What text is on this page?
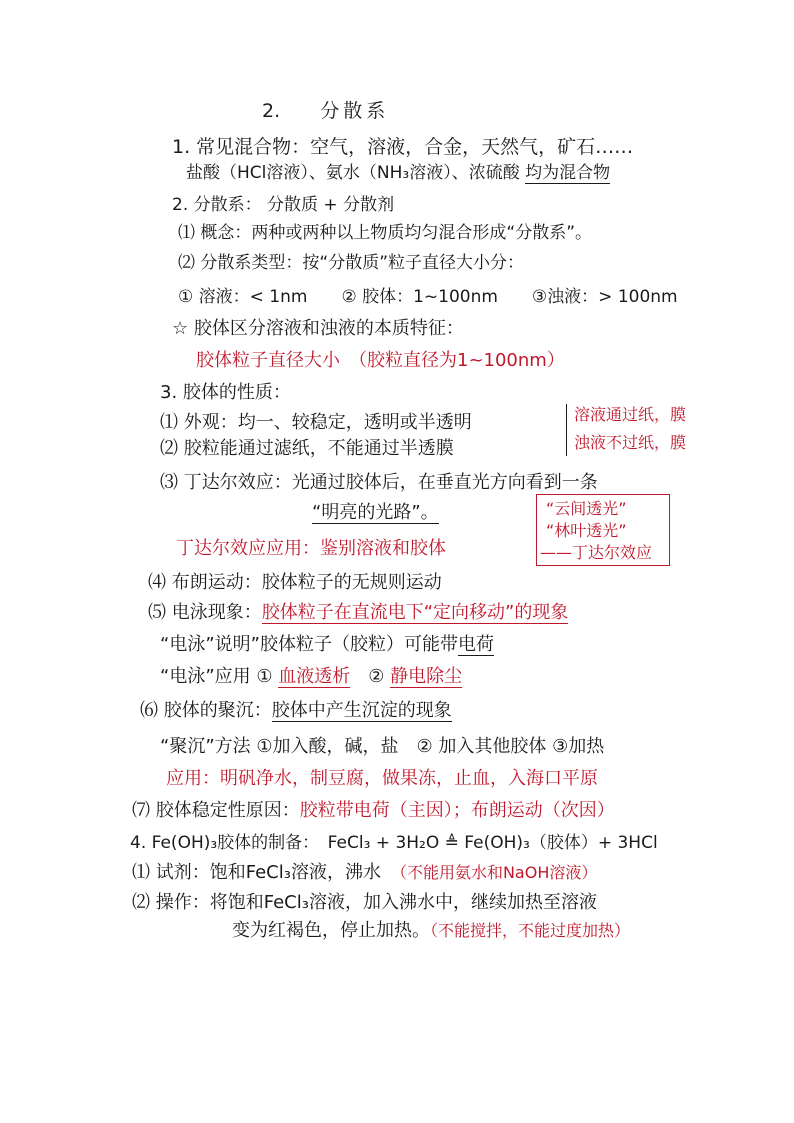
2. 分散系
1. 常见混合物：空气，溶液，合金，天然气，矿石……
盐酸（HCl溶液）、氨水（NH₃溶液）、浓硫酸 均为混合物
2. 分散系： 分散质 + 分散剂
⑴ 概念：两种或两种以上物质均匀混合形成“分散系”。
⑵ 分散系类型：按“分散质”粒子直径大小分：
① 溶液：< 1nm　　② 胶体：1~100nm　　③浊液：> 100nm
☆ 胶体区分溶液和浊液的本质特征：
胶体粒子直径大小　（胶粒直径为1~100nm）
3. 胶体的性质：
⑴ 外观：均一、较稳定，透明或半透明
⑵ 胶粒能通过滤纸，不能通过半透膜
溶液通过纸，膜
浊液不过纸，膜
⑶ 丁达尔效应：光通过胶体后，在垂直光方向看到一条
“明亮的光路”。	“云间透光”
“林叶透光”
——丁达尔效应
丁达尔效应应用：鉴别溶液和胶体
⑷ 布朗运动：胶体粒子的无规则运动
⑸ 电泳现象：胶体粒子在直流电下“定向移动”的现象
“电泳”说明”胶体粒子（胶粒）可能带电荷
“电泳”应用 ① 血液透析　② 静电除尘
⑹ 胶体的聚沉：胶体中产生沉淀的现象
“聚沉”方法 ①加入酸，碱，盐　② 加入其他胶体 ③加热
应用：明矾净水，制豆腐，做果冻，止血，入海口平原
⑺ 胶体稳定性原因：胶粒带电荷（主因）；布朗运动（次因）
4. Fe(OH)₃胶体的制备：　FeCl₃ + 3H₂O ≜ Fe(OH)₃（胶体）+ 3HCl
⑴ 试剂：饱和FeCl₃溶液，沸水　（不能用氨水和NaOH溶液）
⑵ 操作：将饱和FeCl₃溶液，加入沸水中，继续加热至溶液
变为红褐色，停止加热。（不能搅拌，不能过度加热）
